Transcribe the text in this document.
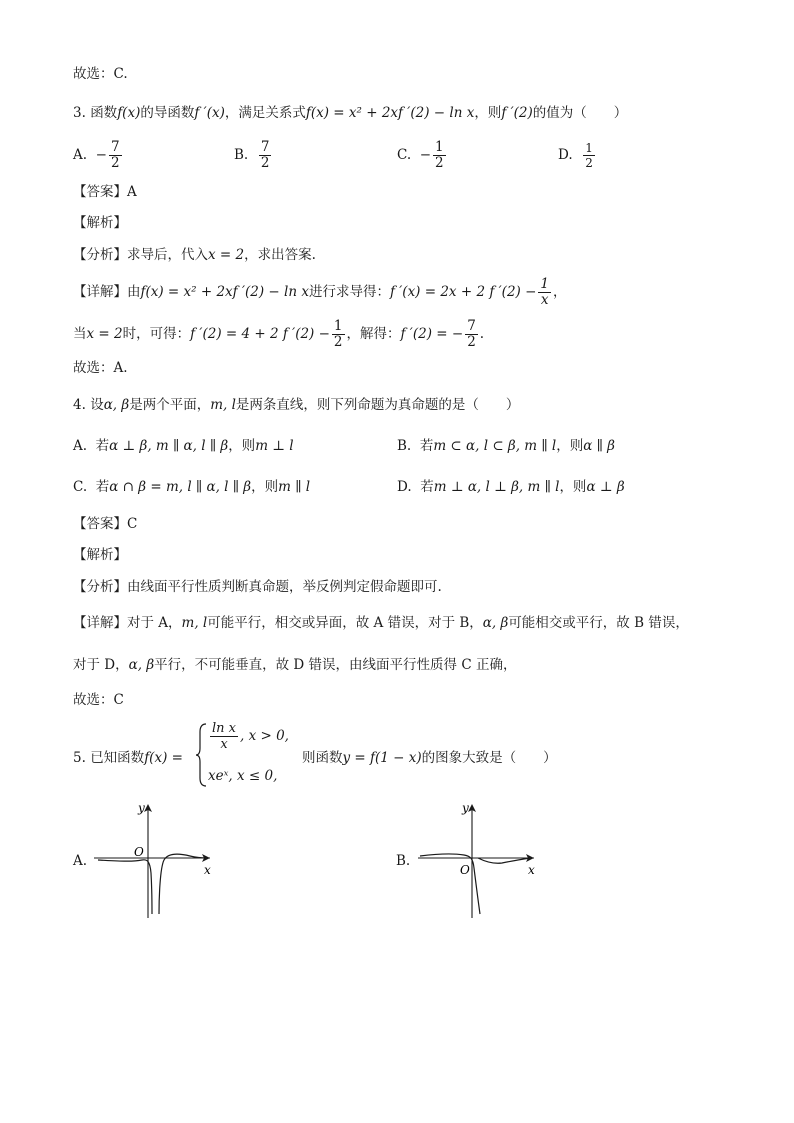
故选：C.
3. 函数f(x)的导函数f ′(x)，满足关系式f(x) = x² + 2xf ′(2) − ln x，则f ′(2)的值为（　　）
A. − $\frac{7}{2}$	B. $\frac{7}{2}$	C. − $\frac{1}{2}$	D. $\frac{1}{2}$
【答案】A
【解析】
【分析】求导后，代入x = 2，求出答案.
【详解】由f(x) = x² + 2xf ′(2) − ln x进行求导得：f ′(x) = 2x + 2 f $'(2) - \frac{1}{x}$ ，
当x = 2时，可得：f ′(2) = 4 + 2 f $'(2) - \frac{1}{2}$ ，解得：f ′(2) = − $\frac{7}{2}$ .
故选：A.
4. 设α, β是两个平面，m, l是两条直线，则下列命题为真命题的是（　　）
A. 若α ⊥ β, m ∥ α, l ∥ β，则m ⊥ l	B. 若m ⊂ α, l ⊂ β, m ∥ l，则α ∥ β
C. 若α ∩ β = m, l ∥ α, l ∥ β，则m ∥ l	D. 若m ⊥ α, l ⊥ β, m ∥ l，则α ⊥ β
【答案】C
【解析】
【分析】由线面平行性质判断真命题，举反例判定假命题即可.
【详解】对于 A，m, l可能平行，相交或异面，故 A 错误，对于 B，α, β可能相交或平行，故 B 错误，
对于 D，α, β平行，不可能垂直，故 D 错误，由线面平行性质得 C 正确，
故选：C
5. 已知函数f(x) =
$\frac{\text{ln x}}{x}$ , x > 0,
xeˣ, x ≤ 0,
则函数y = f(1 − x)的图象大致是（　　）
A.
y
x
O
B.
y
x
O
